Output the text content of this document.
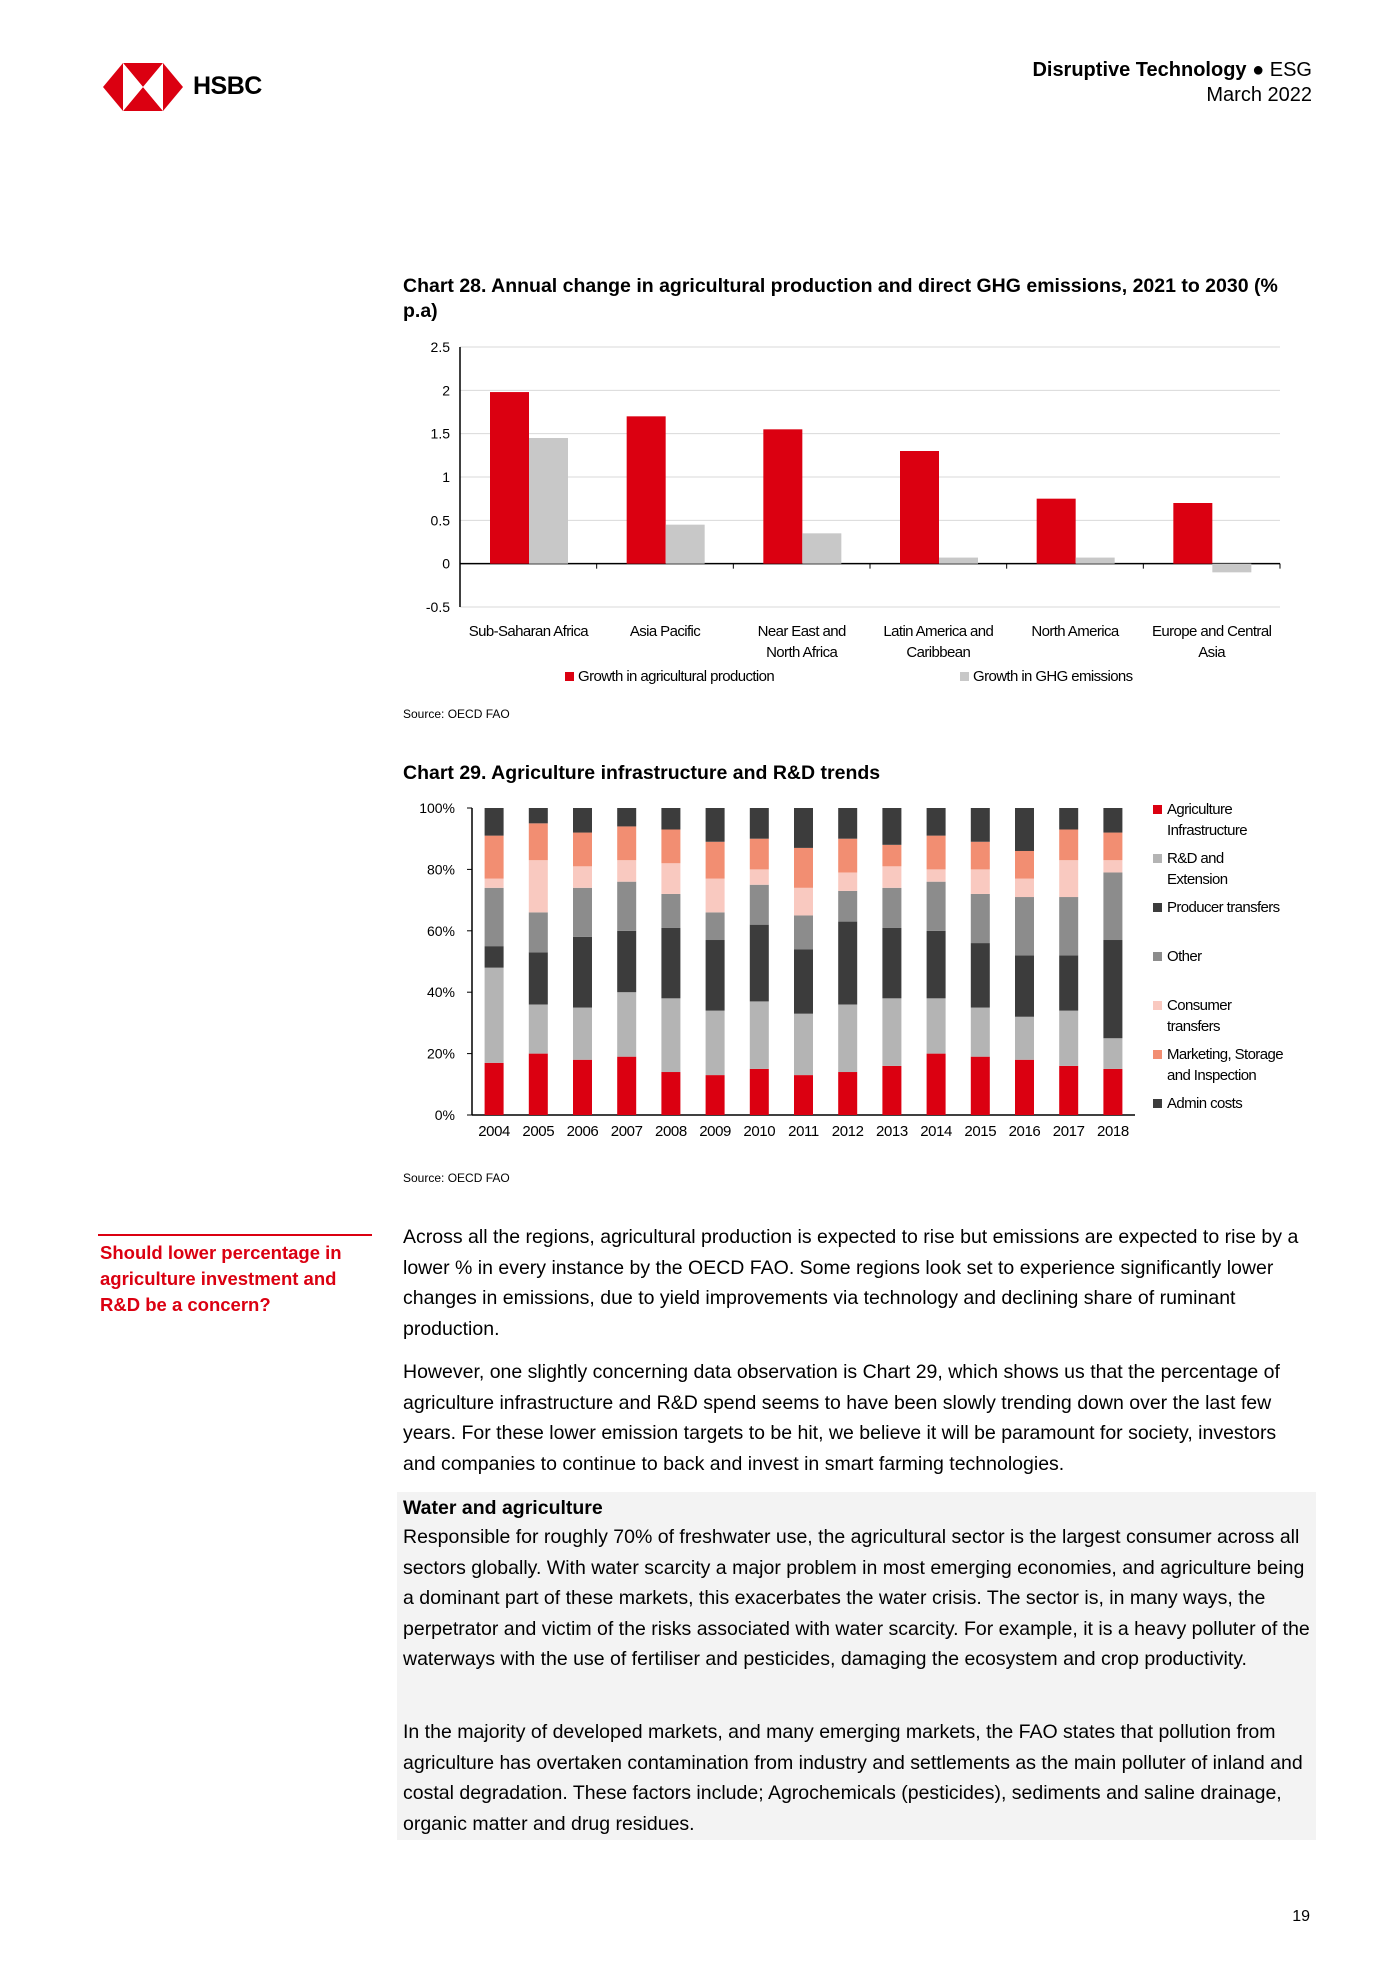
HSBC
Disruptive Technology ● ESG
March 2022
Chart 28. Annual change in agricultural production and direct GHG emissions, 2021 to 2030 (% p.a)
-0.5
0
0.5
1
1.5
2
2.5
Sub-Saharan Africa	Asia Pacific	Near East and
North Africa
Latin America and
Caribbean
North America Europe and Central
Asia
Growth in agricultural production	Growth in GHG emissions
Source: OECD FAO
Chart 29. Agriculture infrastructure and R&D trends
0%
20%
40%
60%
80%
100%
2004 2005 2006 2007 2008 2009 2010 2011 2012 2013 2014 2015 2016 2017 2018
Agriculture
Infrastructure
R&D and
Extension
Producer transfers
Other
Consumer
transfers
Marketing, Storage
and Inspection
Admin costs
Source: OECD FAO
Should lower percentage in agriculture investment and R&D be a concern?
Across all the regions, agricultural production is expected to rise but emissions are expected to rise by a lower % in every instance by the OECD FAO. Some regions look set to experience significantly lower changes in emissions, due to yield improvements via technology and declining share of ruminant production.
However, one slightly concerning data observation is Chart 29, which shows us that the percentage of agriculture infrastructure and R&D spend seems to have been slowly trending down over the last few years. For these lower emission targets to be hit, we believe it will be paramount for society, investors and companies to continue to back and invest in smart farming technologies.
Water and agriculture
Responsible for roughly 70% of freshwater use, the agricultural sector is the largest consumer across all sectors globally. With water scarcity a major problem in most emerging economies, and agriculture being a dominant part of these markets, this exacerbates the water crisis. The sector is, in many ways, the perpetrator and victim of the risks associated with water scarcity. For example, it is a heavy polluter of the waterways with the use of fertiliser and pesticides, damaging the ecosystem and crop productivity.
In the majority of developed markets, and many emerging markets, the FAO states that pollution from agriculture has overtaken contamination from industry and settlements as the main polluter of inland and costal degradation. These factors include; Agrochemicals (pesticides), sediments and saline drainage, organic matter and drug residues.
19
